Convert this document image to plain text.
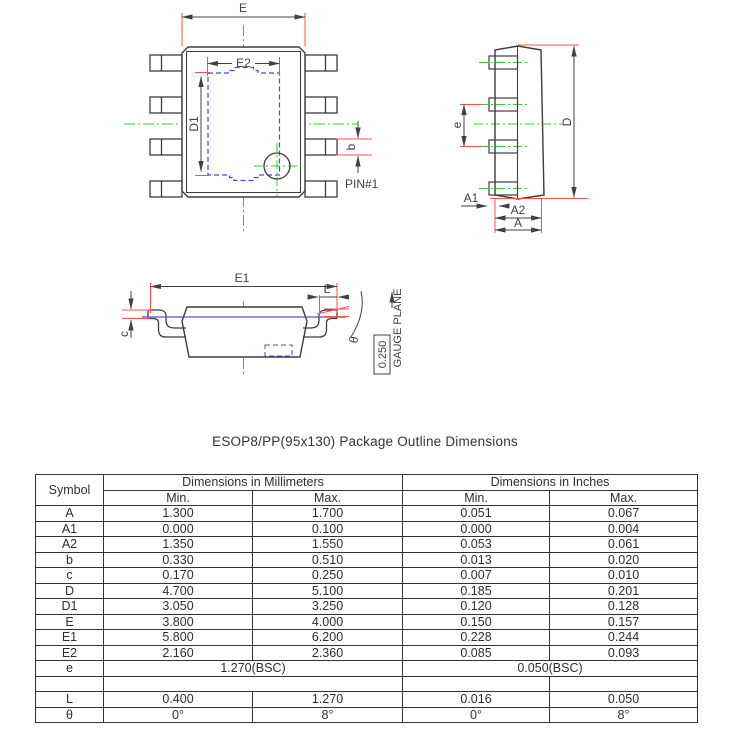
E
E2
D1
b
PIN#1
e	D
A1
A2
A
E1
L
c
θ
0.250 GAUGE PLANE
ESOP8/PP(95x130) Package Outline Dimensions
Symbol	Dimensions in Millimeters		Dimensions in Inches	
	Min.	Max.	Min.	Max.
A	1.300	1.700	0.051	0.067
A1	0.000	0.100	0.000	0.004
A2	1.350	1.550	0.053	0.061
b	0.330	0.510	0.013	0.020
c	0.170	0.250	0.007	0.010
D	4.700	5.100	0.185	0.201
D1	3.050	3.250	0.120	0.128
E	3.800	4.000	0.150	0.157
E1	5.800	6.200	0.228	0.244
E2	2.160	2.360	0.085	0.093
e	1.270(BSC)		0.050(BSC)	

L	0.400	1.270	0.016	0.050
θ	0°	8°	0°	8°
